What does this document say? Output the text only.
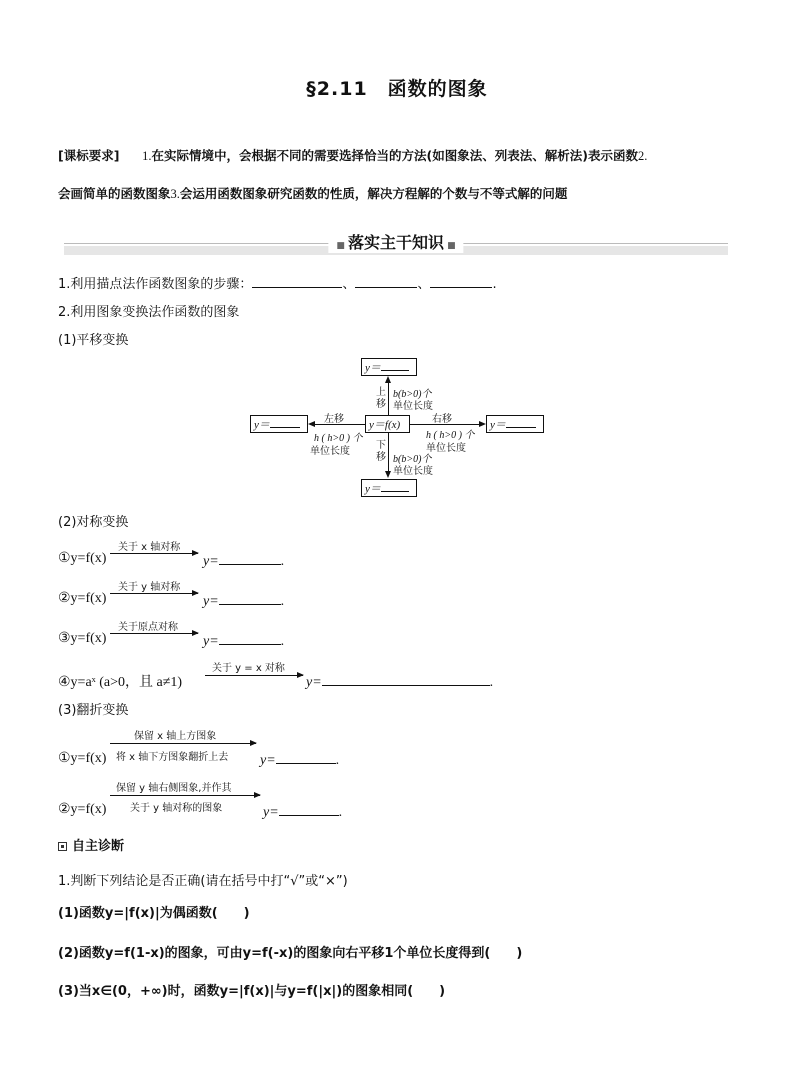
§2.11　函数的图象
[课标要求] 1.在实际情境中，会根据不同的需要选择恰当的方法(如图象法、列表法、解析法)表示函数2.
会画简单的函数图象3.会运用函数图象研究函数的性质，解决方程解的个数与不等式解的问题
■ 落实主干知识 ■
1.利用描点法作函数图象的步骤：	、	、	.
2.利用图象变换法作函数的图象
(1)平移变换
y＝
y＝
y＝	y＝
y＝f(x)
上移
b(b>0)个
单位长度
下移 b(b>0)个
单位长度
左移
h ( h>0 ) 个
单位长度
右移
h ( h>0 ) 个
单位长度
(2)对称变换
①y=f(x)
关于 x 轴对称
y=	.
②y=f(x)
关于 y 轴对称
y=	.
③y=f(x)
关于原点对称
y=	.
④y=aˣ (a>0，且 a≠1)
关于 y = x 对称
y=	.
(3)翻折变换
①y=f(x)
保留 x 轴上方图象
将 x 轴下方图象翻折上去 y=	.
②y=f(x)
保留 y 轴右侧图象,并作其
关于 y 轴对称的图象	y=	.
自主诊断
1.判断下列结论是否正确(请在括号中打“√”或“×”)
(1)函数y=|f(x)|为偶函数(　　)
(2)函数y=f(1-x)的图象，可由y=f(-x)的图象向右平移1个单位长度得到(　　)
(3)当x∈(0，+∞)时，函数y=|f(x)|与y=f(|x|)的图象相同(　　)
